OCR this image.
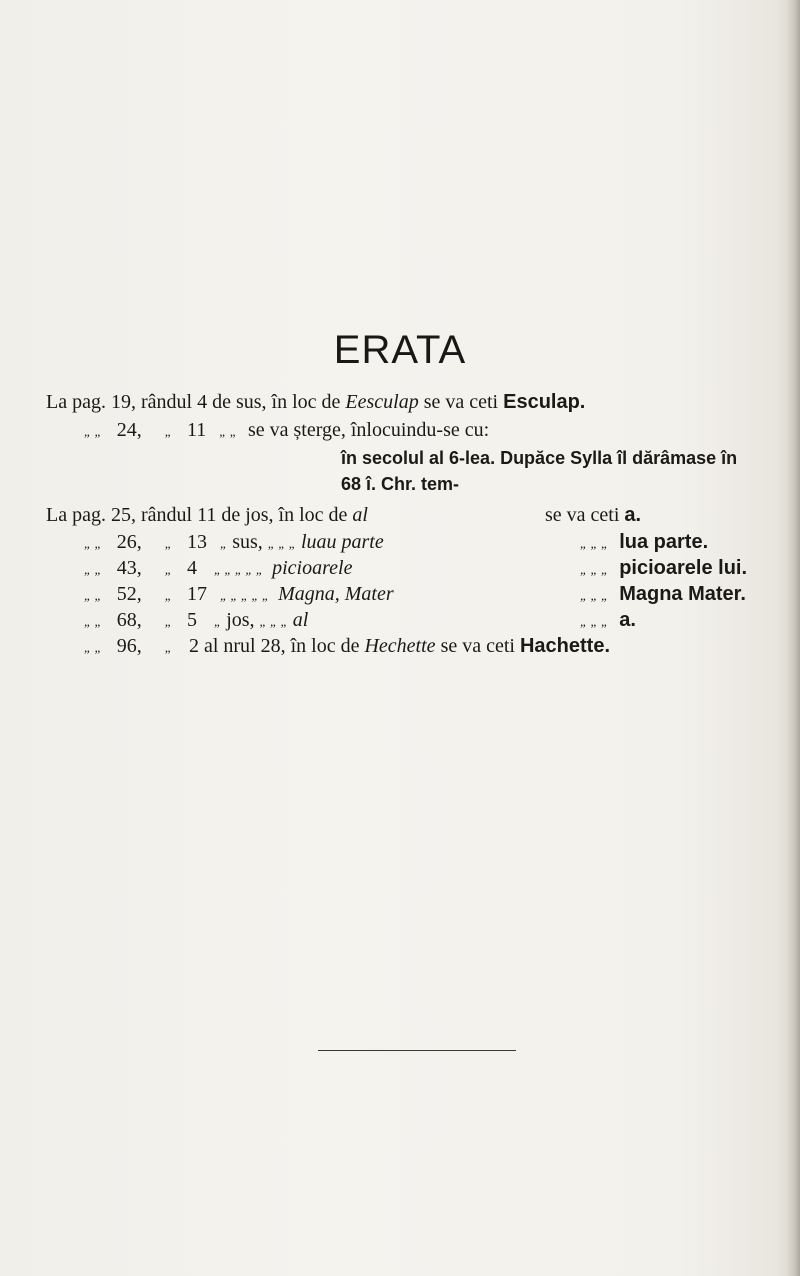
ERATA
La pag. 19, rândul 4 de sus, în loc de Eesculap se va ceti Esculap.
„ „ 24, „ 11 „ „ se va șterge, înlocuindu-se cu:
în secolul al 6-lea. Dupăce Sylla îl dărâmase în
68 î. Chr. tem-
La pag. 25, rândul 11 de jos, în loc de al	se va ceti a.
„ „ 26, „ 13 „ sus, „ „ „ luau parte	„ „ „ lua parte.
„ „ 43, „ 4 „ „ „ „ „ picioarele	„ „ „ picioarele lui.
„ „ 52, „ 17 „ „ „ „ „ Magna, Mater	„ „ „ Magna Mater.
„ „ 68, „ 5 „ jos, „ „ „ al	„ „ „ a.
„ „ 96, „ 2 al nrul 28, în loc de Hechette se va ceti Hachette.
